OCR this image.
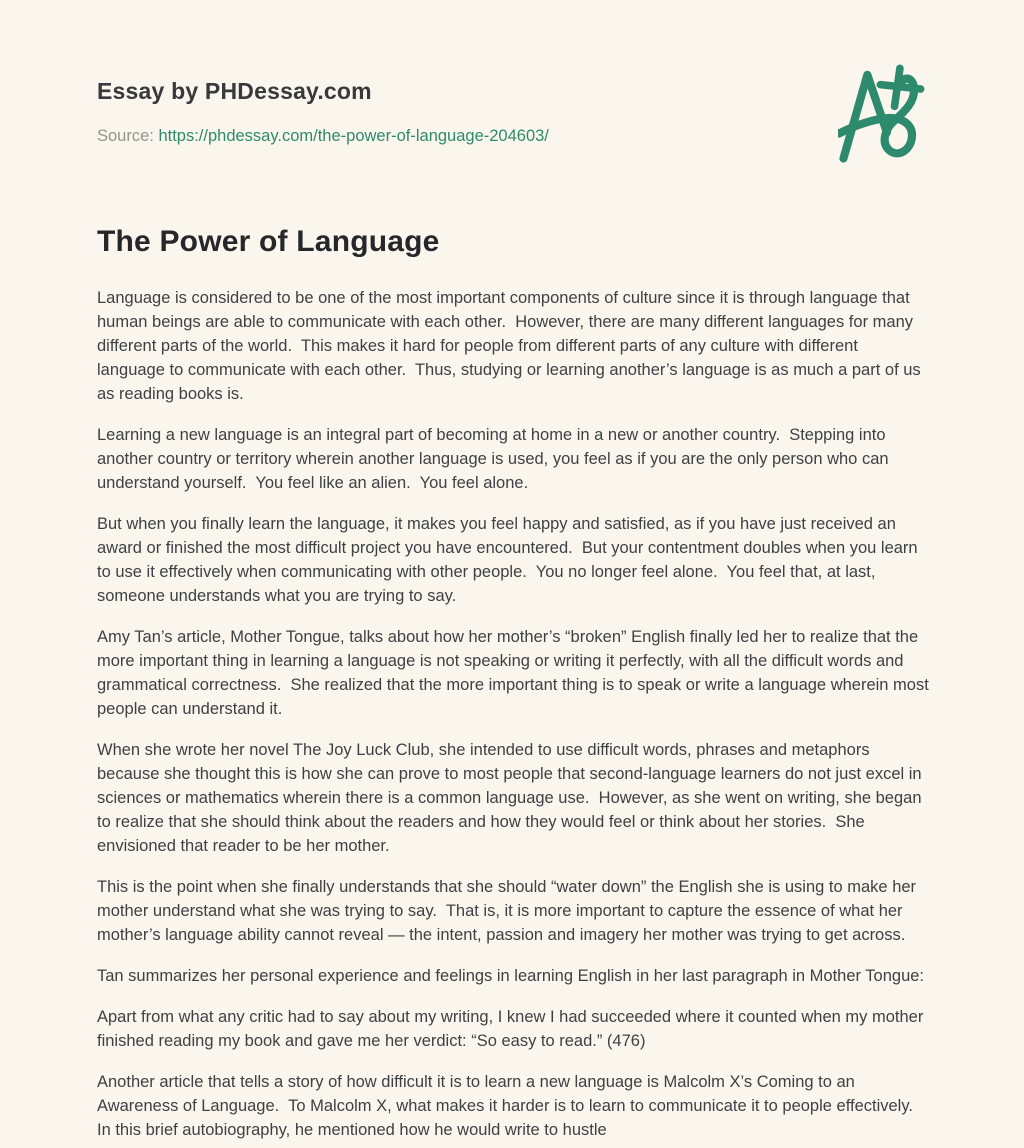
Essay by PHDessay.com

Source: https://phdessay.com/the-power-of-language-204603/

The Power of Language

Language is considered to be one of the most important components of culture since it is through language that human beings are able to communicate with each other.  However, there are many different languages for many different parts of the world.  This makes it hard for people from different parts of any culture with different language to communicate with each other.  Thus, studying or learning another’s language is as much a part of us as reading books is.

Learning a new language is an integral part of becoming at home in a new or another country.  Stepping into another country or territory wherein another language is used, you feel as if you are the only person who can understand yourself.  You feel like an alien.  You feel alone.

But when you finally learn the language, it makes you feel happy and satisfied, as if you have just received an award or finished the most difficult project you have encountered.  But your contentment doubles when you learn to use it effectively when communicating with other people.  You no longer feel alone.  You feel that, at last, someone understands what you are trying to say.

Amy Tan’s article, Mother Tongue, talks about how her mother’s “broken” English finally led her to realize that the more important thing in learning a language is not speaking or writing it perfectly, with all the difficult words and grammatical correctness.  She realized that the more important thing is to speak or write a language wherein most people can understand it.

When she wrote her novel The Joy Luck Club, she intended to use difficult words, phrases and metaphors because she thought this is how she can prove to most people that second-language learners do not just excel in sciences or mathematics wherein there is a common language use.  However, as she went on writing, she began to realize that she should think about the readers and how they would feel or think about her stories.  She envisioned that reader to be her mother.

This is the point when she finally understands that she should “water down” the English she is using to make her mother understand what she was trying to say.  That is, it is more important to capture the essence of what her mother’s language ability cannot reveal — the intent, passion and imagery her mother was trying to get across.

Tan summarizes her personal experience and feelings in learning English in her last paragraph in Mother Tongue:

Apart from what any critic had to say about my writing, I knew I had succeeded where it counted when my mother finished reading my book and gave me her verdict: “So easy to read.” (476)

Another article that tells a story of how difficult it is to learn a new language is Malcolm X’s Coming to an Awareness of Language.  To Malcolm X, what makes it harder is to learn to communicate it to people effectively. In this brief autobiography, he mentioned how he would write to hustle
